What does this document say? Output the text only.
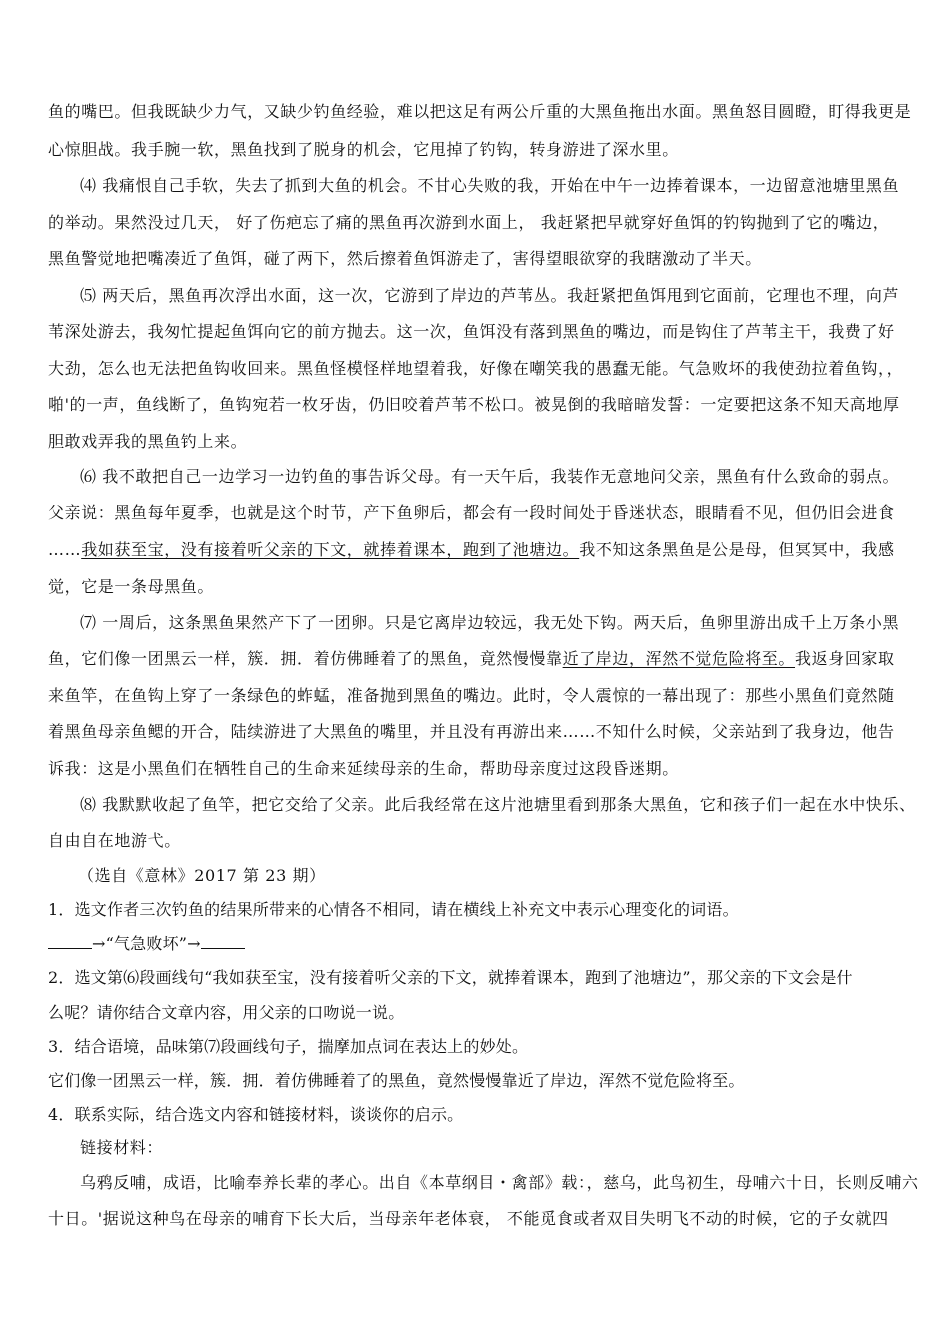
鱼的嘴巴。但我既缺少力气，又缺少钓鱼经验，难以把这足有两公斤重的大黑鱼拖出水面。黑鱼怒目圆瞪，盯得我更是
心惊胆战。我手腕一软，黑鱼找到了脱身的机会，它甩掉了钓钩，转身游进了深水里。
⑷ 我痛恨自己手软，失去了抓到大鱼的机会。不甘心失败的我，开始在中午一边捧着课本，一边留意池塘里黑鱼
的举动。果然没过几天， 好了伤疤忘了痛的黑鱼再次游到水面上， 我赶紧把早就穿好鱼饵的钓钩抛到了它的嘴边，
黑鱼警觉地把嘴凑近了鱼饵，碰了两下，然后擦着鱼饵游走了，害得望眼欲穿的我瞎激动了半天。
⑸ 两天后，黑鱼再次浮出水面，这一次，它游到了岸边的芦苇丛。我赶紧把鱼饵甩到它面前，它理也不理，向芦
苇深处游去，我匆忙提起鱼饵向它的前方抛去。这一次，鱼饵没有落到黑鱼的嘴边，而是钩住了芦苇主干，我费了好
大劲，怎么也无法把鱼钩收回来。黑鱼怪模怪样地望着我，好像在嘲笑我的愚蠢无能。气急败坏的我使劲拉着鱼钩，，
啪'的一声，鱼线断了，鱼钩宛若一枚牙齿，仍旧咬着芦苇不松口。被晃倒的我暗暗发誓：一定要把这条不知天高地厚
胆敢戏弄我的黑鱼钓上来。
⑹ 我不敢把自己一边学习一边钓鱼的事告诉父母。有一天午后，我装作无意地问父亲，黑鱼有什么致命的弱点。
父亲说：黑鱼每年夏季，也就是这个时节，产下鱼卵后，都会有一段时间处于昏迷状态，眼睛看不见，但仍旧会进食
……我如获至宝，没有接着听父亲的下文，就捧着课本，跑到了池塘边。我不知这条黑鱼是公是母，但冥冥中，我感
觉，它是一条母黑鱼。
⑺ 一周后，这条黑鱼果然产下了一团卵。只是它离岸边较远，我无处下钩。两天后，鱼卵里游出成千上万条小黑
鱼，它们像一团黑云一样，簇．拥．着仿佛睡着了的黑鱼，竟然慢慢靠近了岸边，浑然不觉危险将至。我返身回家取
来鱼竿，在鱼钩上穿了一条绿色的蚱蜢，准备抛到黑鱼的嘴边。此时，令人震惊的一幕出现了：那些小黑鱼们竟然随
着黑鱼母亲鱼鳃的开合，陆续游进了大黑鱼的嘴里，并且没有再游出来……不知什么时候，父亲站到了我身边，他告
诉我：这是小黑鱼们在牺牲自己的生命来延续母亲的生命，帮助母亲度过这段昏迷期。
⑻ 我默默收起了鱼竿，把它交给了父亲。此后我经常在这片池塘里看到那条大黑鱼，它和孩子们一起在水中快乐、
自由自在地游弋。
（选自《意林》2017 第 23 期）
1．选文作者三次钓鱼的结果所带来的心情各不相同，请在横线上补充文中表示心理变化的词语。
→“气急败坏”→
2．选文第⑹段画线句“我如获至宝，没有接着听父亲的下文，就捧着课本，跑到了池塘边”，那父亲的下文会是什
么呢？请你结合文章内容，用父亲的口吻说一说。
3．结合语境，品味第⑺段画线句子，揣摩加点词在表达上的妙处。
它们像一团黑云一样，簇．拥．着仿佛睡着了的黑鱼，竟然慢慢靠近了岸边，浑然不觉危险将至。
4．联系实际，结合选文内容和链接材料，谈谈你的启示。
链接材料：
乌鸦反哺，成语，比喻奉养长辈的孝心。出自《本草纲目・禽部》载：，慈乌，此鸟初生，母哺六十日，长则反哺六
十日。'据说这种鸟在母亲的哺育下长大后，当母亲年老体衰， 不能觅食或者双目失明飞不动的时候，它的子女就四
